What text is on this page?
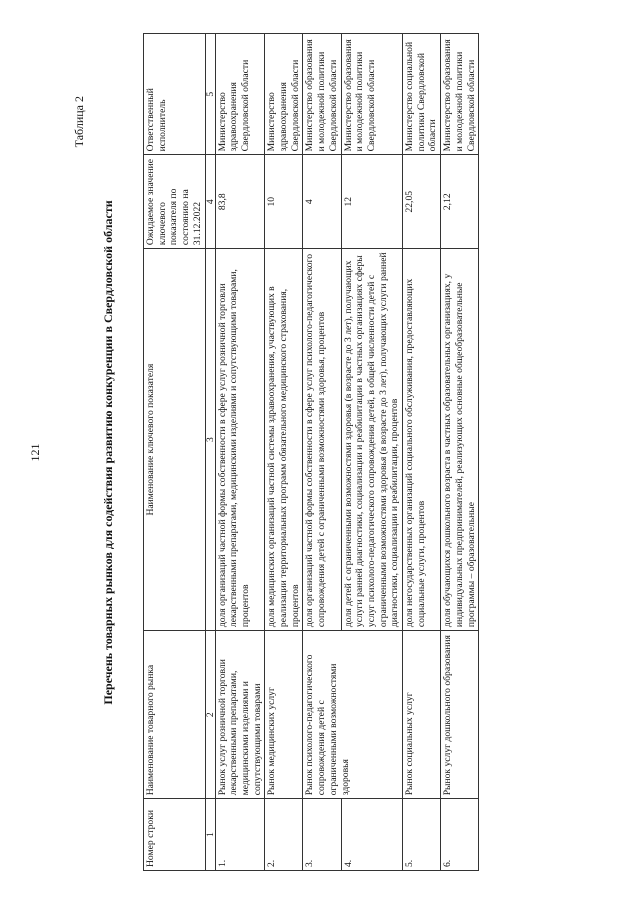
121
Таблица 2
Перечень товарных рынков для содействия развитию конкуренции в Свердловской области
Номер строки	Наименование товарного рынка	Наименование ключевого показателя	Ожидаемое значение ключевого показателя по состоянию на 31.12.2022	Ответственный исполнитель
1	2	3	4	5
1.	Рынок услуг розничной торговли лекарственными препаратами, медицинскими изделиями и сопутствующими товарами	доля организаций частной формы собственности в сфере услуг розничной торговли лекарственными препаратами, медицинскими изделиями и сопутствующими товарами, процентов	83,8	Министерство здравоохранения Свердловской области
2.	Рынок медицинских услуг	доля медицинских организаций частной системы здравоохранения, участвующих в реализации территориальных программ обязательного медицинского страхования, процентов	10	Министерство здравоохранения Свердловской области
3.	Рынок психолого-педагогического сопровождения детей с ограниченными возможностями здоровья	доля организаций частной формы собственности в сфере услуг психолого-педагогического сопровождения детей с ограниченными возможностями здоровья, процентов	4	Министерство образования и молодежной политики Свердловской области
4.		доля детей с ограниченными возможностями здоровья (в возрасте до 3 лет), получающих услуги ранней диагностики, социализации и реабилитации в частных организациях сферы услуг психолого-педагогического сопровождения детей, в общей численности детей с ограниченными возможностями здоровья (в возрасте до 3 лет), получающих услуги ранней диагностики, социализации и реабилитации, процентов	12	Министерство образования и молодежной политики Свердловской области
5.	Рынок социальных услуг	доля негосударственных организаций социального обслуживания, предоставляющих социальные услуги, процентов	22,05	Министерство социальной политики Свердловской области
6.	Рынок услуг дошкольного образования	доля обучающихся дошкольного возраста в частных образовательных организациях, у индивидуальных предпринимателей, реализующих основные общеобразовательные программы – образовательные	2,12	Министерство образования и молодежной политики Свердловской области
